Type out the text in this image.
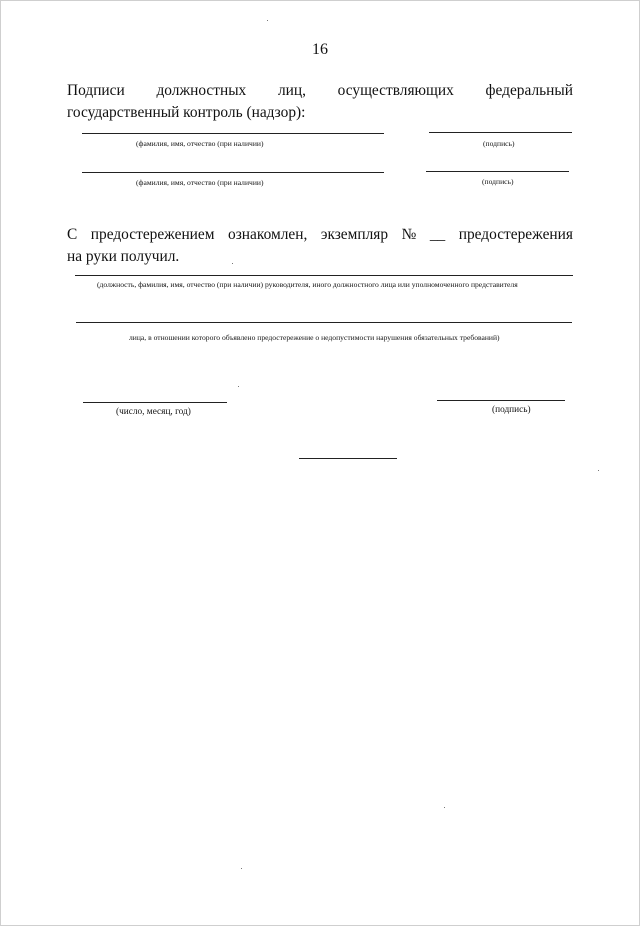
16
Подписи должностных лиц, осуществляющих федеральный
государственный контроль (надзор):
(фамилия, имя, отчество (при наличии)	(подпись)
(фамилия, имя, отчество (при наличии)	(подпись)
С предостережением ознакомлен, экземпляр № __ предостережения
на руки получил.
(должность, фамилия, имя, отчество (при наличии) руководителя, иного должностного лица или уполномоченного представителя
лица, в отношении которого объявлено предостережение о недопустимости нарушения обязательных требований)
(число, месяц, год)	(подпись)
